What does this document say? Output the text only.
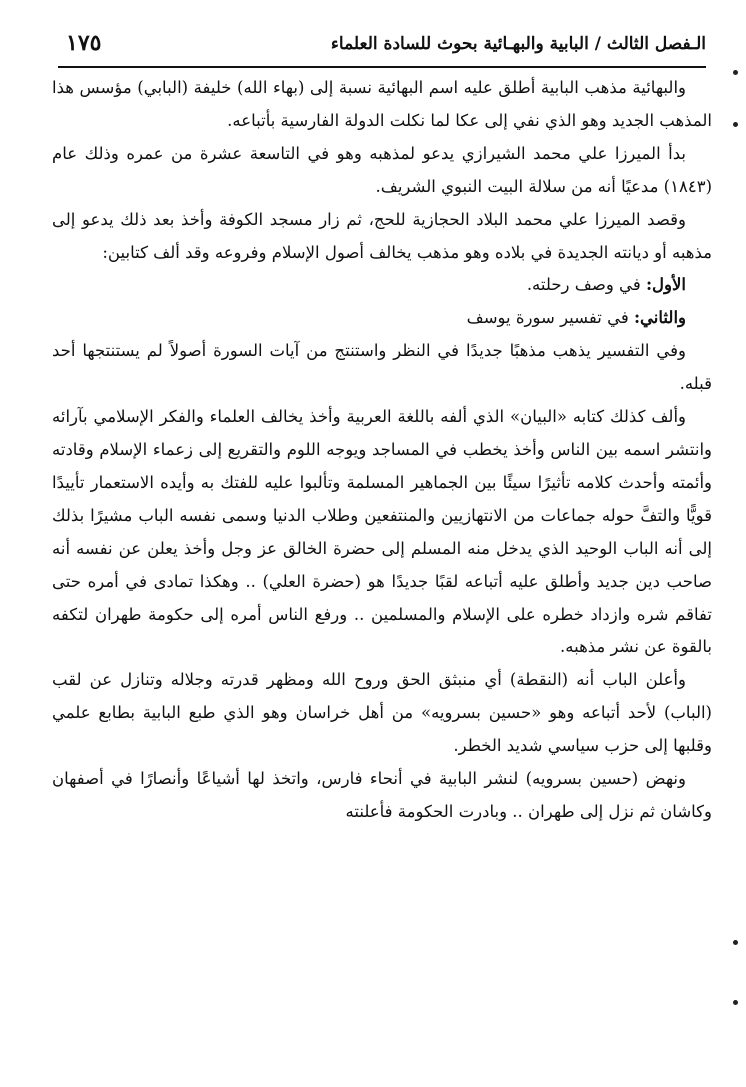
الـفصل الثالث / البابية والبهـائية بحوث للسادة العلماء
١٧٥

والبهائية مذهب البابية أطلق عليه اسم البهائية نسبة إلى (بهاء الله) خليفة (البابي) مؤسس هذا المذهب الجديد وهو الذي نفي إلى عكا لما نكلت الدولة الفارسية بأتباعه.

بدأ الميرزا علي محمد الشيرازي يدعو لمذهبه وهو في التاسعة عشرة من عمره وذلك عام (١٨٤٣) مدعيًا أنه من سلالة البيت النبوي الشريف.

وقصد الميرزا علي محمد البلاد الحجازية للحج، ثم زار مسجد الكوفة وأخذ بعد ذلك يدعو إلى مذهبه أو ديانته الجديدة في بلاده وهو مذهب يخالف أصول الإسلام وفروعه وقد ألف كتابين:

الأول: في وصف رحلته.

والثاني: في تفسير سورة يوسف

وفي التفسير يذهب مذهبًا جديدًا في النظر واستنتج من آيات السورة أصولاً لم يستنتجها أحد قبله.

وألف كذلك كتابه «البيان» الذي ألفه باللغة العربية وأخذ يخالف العلماء والفكر الإسلامي بآرائه وانتشر اسمه بين الناس وأخذ يخطب في المساجد ويوجه اللوم والتقريع إلى زعماء الإسلام وقادته وأئمته وأحدث كلامه تأثيرًا سيئًا بين الجماهير المسلمة وتألبوا عليه للفتك به وأيده الاستعمار تأييدًا قويًّا والتفَّ حوله جماعات من الانتهازيين والمنتفعين وطلاب الدنيا وسمى نفسه الباب مشيرًا بذلك إلى أنه الباب الوحيد الذي يدخل منه المسلم إلى حضرة الخالق عز وجل وأخذ يعلن عن نفسه أنه صاحب دين جديد وأطلق عليه أتباعه لقبًا جديدًا هو (حضرة العلي) .. وهكذا تمادى في أمره حتى تفاقم شره وازداد خطره على الإسلام والمسلمين .. ورفع الناس أمره إلى حكومة طهران لتكفه بالقوة عن نشر مذهبه.

وأعلن الباب أنه (النقطة) أي منبثق الحق وروح الله ومظهر قدرته وجلاله وتنازل عن لقب (الباب) لأحد أتباعه وهو «حسين بسرويه» من أهل خراسان وهو الذي طبع البابية بطابع علمي وقلبها إلى حزب سياسي شديد الخطر.

ونهض (حسين بسرويه) لنشر البابية في أنحاء فارس، واتخذ لها أشياعًا وأنصارًا في أصفهان وكاشان ثم نزل إلى طهران .. وبادرت الحكومة فأعلنته
